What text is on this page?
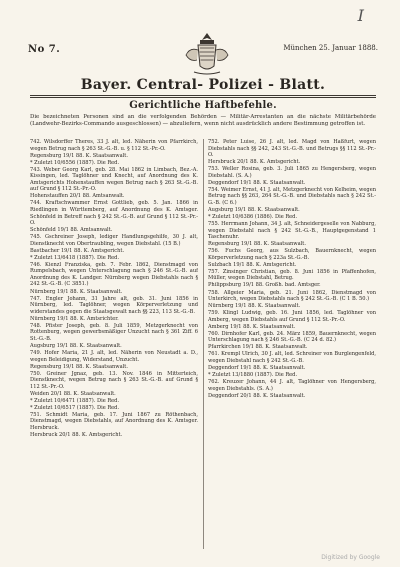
I
No 7.	München 25. Januar 1888.
Bayer. Central- Polizei - Blatt.
Gerichtliche Haftbefehle.
Die bezeichneten Personen sind an die verfolgenden Behörden — Militär-Arrestanten an die nächste Militärbehörde (Landwehr-Bezirks-Commando ausgeschlossen) — abzuliefern, wenn nicht ausdrücklich andere Bestimmung getroffen ist.
742. Wilsdorffer Theres, 33 J. alt, led. Näherin von Pfarrkirch, wegen Betrug nach § 263 St.-G.-B. u. § 112 St.-Pr.-O.
Regensburg 19/1 88. K. Staatsanwalt.
* Zuletzt 10/6556 (1887). Die Red.
743. Weber Georg Karl, geb. 28. Mai 1862 in Limbach, Bez.-A. Kissingen, led. Taglöhner und Knecht, auf Anordnung des K. Amtsgerichts Hohenstauffen wegen Betrug nach § 263 St.-G.-B. auf Grund § 112 St.-Pr.-O.
Hohenstauffen 20/1 88. Amtsanwalt.
744. Kraftschwammer Ernst Gottlieb, geb. 5. Jan. 1866 in Riedlingen in Württemberg, auf Anordnung des K. Amtsger. Schönfeld in Betreff nach § 242 St.-G.-B. auf Grund § 112 St.-Pr.-O.
Schönfeld 19/1 88. Amtsanwalt.
745. Gschreiner Joseph, lediger Handlungsgehilfe, 30 J. alt, Dienstknecht von Obertraubling, wegen Diebstahl. (15 B.)
Bastbacher 19/1 88. K. Amtsgericht.
* Zuletzt 13/6418 (1887). Die Red.
746. Kienzl Franziska, geb. 7. Febr. 1862, Dienstmagd von Rumpelsbach, wegen Unterschlagung nach § 246 St.-G.-B. auf Anordnung des K. Landger. Nürnberg wegen Diebstahls nach § 242 St.-G.-B. (C 3851.)
Nürnberg 19/1 88. K. Staatsanwalt.
747. Engler Johann, 31 Jahre alt, geb. 31. Juni 1856 in Nürnberg, led. Taglöhner, wegen Körperverletzung und widerstandes gegen die Staatsgewalt nach §§ 223, 113 St.-G.-B.
Nürnberg 19/1 88. K. Amtsrichter.
748. Pfister Joseph, geb. 8. Juli 1859, Metzgerknecht von Rottenburg, wegen gewerbsmäßiger Unzucht nach § 361 Ziff. 6 St.-G.-B.
Augsburg 19/1 88. K. Staatsanwalt.
749. Hofer Maria, 21 J. alt, led. Näherin von Neustadt a. D., wegen Beleidigung, Widerstand, Unzucht.
Regensburg 19/1 88. K. Staatsanwalt.
750. Greiner Jgnaz, geb. 13. Nov. 1846 in Mitterteich, Dienstknecht, wegen Betrug nach § 263 St.-G.-B. auf Grund § 112 St.-Pr.-O.
Weiden 20/1 88. K. Staatsanwalt.
* Zuletzt 10/6471 (1887). Die Red.
* Zuletzt 10/6517 (1887). Die Red.
751. Schmidt Maria, geb. 17. Juni 1867 zu Röthenbach, Dienstmagd, wegen Diebstahls, auf Anordnung des K. Amtsger. Hersbruck.
Hersbruck 20/1 88. K. Amtsgericht.
752. Peter Luise, 26 J. alt, led. Magd von Haßfurt, wegen Diebstahls nach §§ 242, 243 St.-G.-B. und Betrugs §§ 112 St.-Pr.-O.
Hersbruck 20/1 88. K. Amtsgericht.
753. Weller Rosina, geb. 3. Juli 1865 zu Hengersberg, wegen Diebstahl. (S. A.)
Deggendorf 19/1 88. K. Staatsanwalt.
754. Weimer Ernst, 41 J. alt, Metzgerknecht von Kelheim, wegen Betrug nach §§ 263, 264 St.-G.-B. und Diebstahls nach § 242 St.-G.-B. (C 6.)
Augsburg 19/1 88. K. Staatsanwalt.
* Zuletzt 10/6386 (1886). Die Red.
755. Herrmann Johann, 34 J. alt, Schneidergeselle von Nabburg, wegen Diebstahl nach § 242 St.-G.-B., Hauptgegenstand 1 Taschenuhr.
Regensburg 19/1 88. K. Staatsanwalt.
756. Fuchs Georg, aus Sulzbach, Bauernknecht, wegen Körperverletzung nach § 223a St.-G.-B.
Sulzbach 19/1 88. K. Amtsgericht.
757. Zinsinger Christian, geb. 8. Juni 1856 in Pfaffenhofen, Müller, wegen Diebstahl, Betrug.
Philippsburg 19/1 88. Großh. bad. Amtsger.
758. Allgeier Maria, geb. 21. Juni 1862, Dienstmagd von Unterkirch, wegen Diebstahls nach § 242 St.-G.-B. (C 1 B. 50.)
Nürnberg 19/1 88. K. Staatsanwalt.
759. Klingl Ludwig, geb. 16. Juni 1856, led. Taglöhner von Amberg, wegen Diebstahls auf Grund § 112 St.-Pr.-O.
Amberg 19/1 88. K. Staatsanwalt.
760. Dirnhofer Karl, geb. 24. März 1859, Bauernknecht, wegen Unterschlagung nach § 246 St.-G.-B. (C 24 d. 82.)
Pfarrkirchen 19/1 88. K. Staatsanwalt.
761. Krempl Ulrich, 30 J. alt, led. Schreiner von Burglengenfeld, wegen Diebstahl nach § 242 St.-G.-B.
Deggendorf 19/1 88. K. Staatsanwalt.
* Zuletzt 13/1880 (1887). Die Red.
762. Kreuzer Johann, 44 J. alt, Taglöhner von Hengersberg, wegen Diebstahls. (S. A.)
Deggendorf 20/1 88. K. Staatsanwalt.
Digitized by Google
